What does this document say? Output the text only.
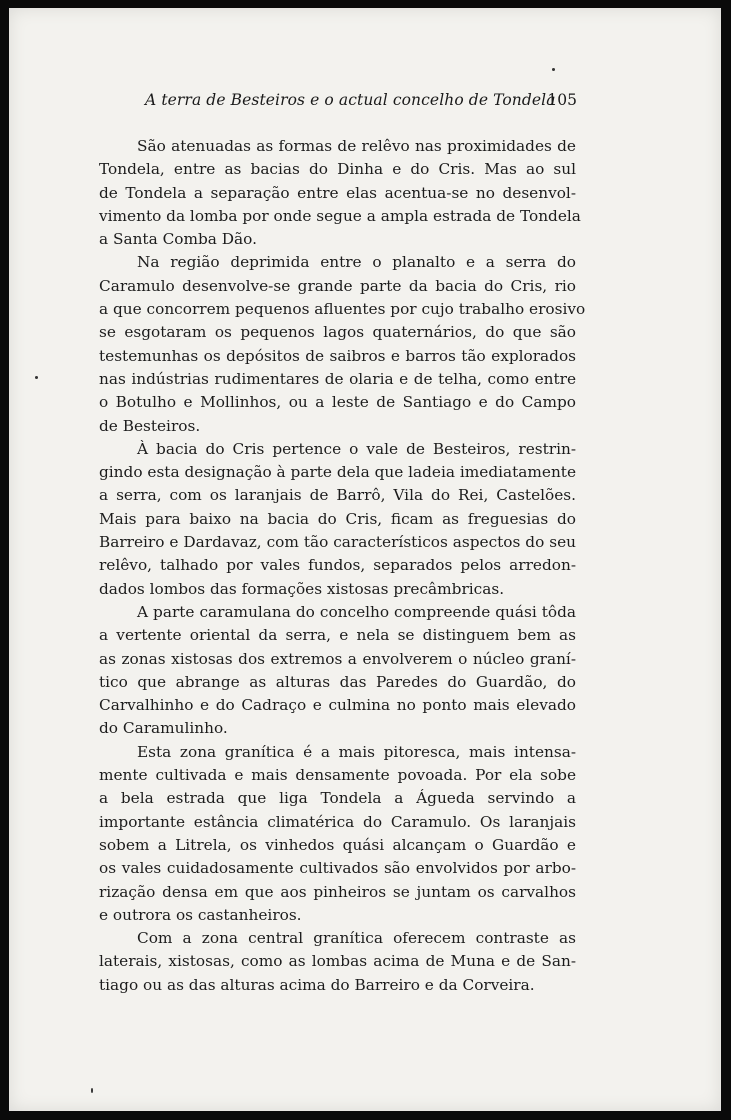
A terra de Besteiros e o actual concelho de Tondela
105
São atenuadas as formas de relêvo nas proximidades de
Tondela, entre as bacias do Dinha e do Cris. Mas ao sul
de Tondela a separação entre elas acentua-se no desenvol-
vimento da lomba por onde segue a ampla estrada de Tondela
a Santa Comba Dão.
Na região deprimida entre o planalto e a serra do
Caramulo desenvolve-se grande parte da bacia do Cris, rio
a que concorrem pequenos afluentes por cujo trabalho erosivo
se esgotaram os pequenos lagos quaternários, do que são
testemunhas os depósitos de saibros e barros tão explorados
nas indústrias rudimentares de olaria e de telha, como entre
o Botulho e Mollinhos, ou a leste de Santiago e do Campo
de Besteiros.
À bacia do Cris pertence o vale de Besteiros, restrin-
gindo esta designação à parte dela que ladeia imediatamente
a serra, com os laranjais de Barrô, Vila do Rei, Castelões.
Mais para baixo na bacia do Cris, ficam as freguesias do
Barreiro e Dardavaz, com tão característicos aspectos do seu
relêvo, talhado por vales fundos, separados pelos arredon-
dados lombos das formações xistosas precâmbricas.
A parte caramulana do concelho compreende quási tôda
a vertente oriental da serra, e nela se distinguem bem as
as zonas xistosas dos extremos a envolverem o núcleo graní-
tico que abrange as alturas das Paredes do Guardão, do
Carvalhinho e do Cadraço e culmina no ponto mais elevado
do Caramulinho.
Esta zona granítica é a mais pitoresca, mais intensa-
mente cultivada e mais densamente povoada. Por ela sobe
a bela estrada que liga Tondela a Águeda servindo a
importante estância climatérica do Caramulo. Os laranjais
sobem a Litrela, os vinhedos quási alcançam o Guardão e
os vales cuidadosamente cultivados são envolvidos por arbo-
rização densa em que aos pinheiros se juntam os carvalhos
e outrora os castanheiros.
Com a zona central granítica oferecem contraste as
laterais, xistosas, como as lombas acima de Muna e de San-
tiago ou as das alturas acima do Barreiro e da Corveira.
